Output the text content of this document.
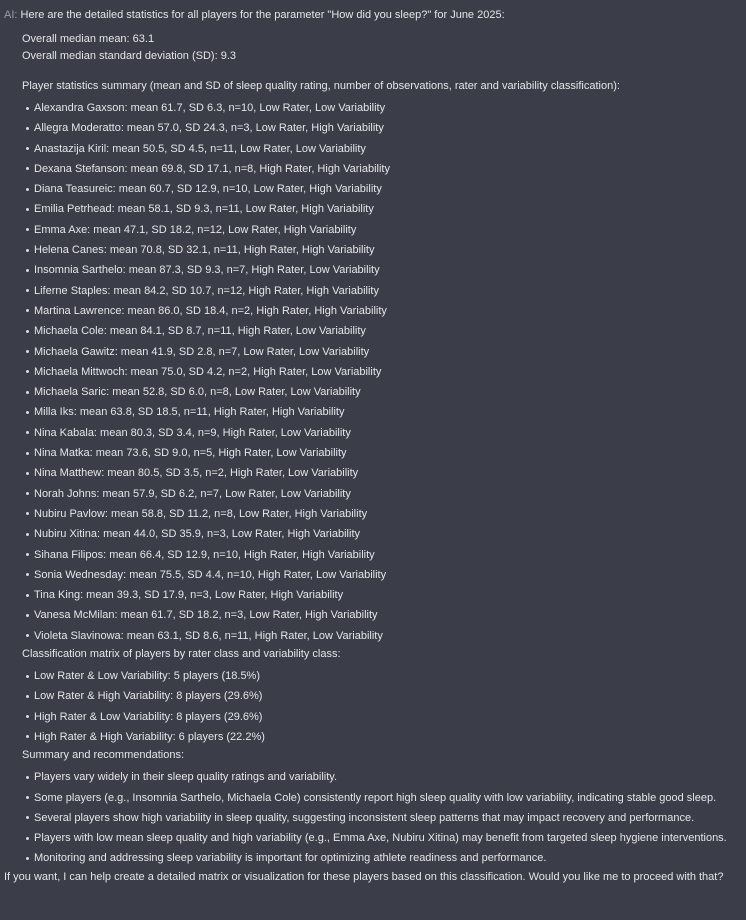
AI: Here are the detailed statistics for all players for the parameter "How did you sleep?" for June 2025:

Overall median mean: 63.1
Overall median standard deviation (SD): 9.3

Player statistics summary (mean and SD of sleep quality rating, number of observations, rater and variability classification):

Alexandra Gaxson: mean 61.7, SD 6.3, n=10, Low Rater, Low Variability
Allegra Moderatto: mean 57.0, SD 24.3, n=3, Low Rater, High Variability
Anastazija Kiril: mean 50.5, SD 4.5, n=11, Low Rater, Low Variability
Dexana Stefanson: mean 69.8, SD 17.1, n=8, High Rater, High Variability
Diana Teasureic: mean 60.7, SD 12.9, n=10, Low Rater, High Variability
Emilia Petrhead: mean 58.1, SD 9.3, n=11, Low Rater, High Variability
Emma Axe: mean 47.1, SD 18.2, n=12, Low Rater, High Variability
Helena Canes: mean 70.8, SD 32.1, n=11, High Rater, High Variability
Insomnia Sarthelo: mean 87.3, SD 9.3, n=7, High Rater, Low Variability
Liferne Staples: mean 84.2, SD 10.7, n=12, High Rater, High Variability
Martina Lawrence: mean 86.0, SD 18.4, n=2, High Rater, High Variability
Michaela Cole: mean 84.1, SD 8.7, n=11, High Rater, Low Variability
Michaela Gawitz: mean 41.9, SD 2.8, n=7, Low Rater, Low Variability
Michaela Mittwoch: mean 75.0, SD 4.2, n=2, High Rater, Low Variability
Michaela Saric: mean 52.8, SD 6.0, n=8, Low Rater, Low Variability
Milla Iks: mean 63.8, SD 18.5, n=11, High Rater, High Variability
Nina Kabala: mean 80.3, SD 3.4, n=9, High Rater, Low Variability
Nina Matka: mean 73.6, SD 9.0, n=5, High Rater, Low Variability
Nina Matthew: mean 80.5, SD 3.5, n=2, High Rater, Low Variability
Norah Johns: mean 57.9, SD 6.2, n=7, Low Rater, Low Variability
Nubiru Pavlow: mean 58.8, SD 11.2, n=8, Low Rater, High Variability
Nubiru Xitina: mean 44.0, SD 35.9, n=3, Low Rater, High Variability
Sihana Filipos: mean 66.4, SD 12.9, n=10, High Rater, High Variability
Sonia Wednesday: mean 75.5, SD 4.4, n=10, High Rater, Low Variability
Tina King: mean 39.3, SD 17.9, n=3, Low Rater, High Variability
Vanesa McMilan: mean 61.7, SD 18.2, n=3, Low Rater, High Variability
Violeta Slavinowa: mean 63.1, SD 8.6, n=11, High Rater, Low Variability

Classification matrix of players by rater class and variability class:

Low Rater & Low Variability: 5 players (18.5%)
Low Rater & High Variability: 8 players (29.6%)
High Rater & Low Variability: 8 players (29.6%)
High Rater & High Variability: 6 players (22.2%)

Summary and recommendations:

Players vary widely in their sleep quality ratings and variability.
Some players (e.g., Insomnia Sarthelo, Michaela Cole) consistently report high sleep quality with low variability, indicating stable good sleep.
Several players show high variability in sleep quality, suggesting inconsistent sleep patterns that may impact recovery and performance.
Players with low mean sleep quality and high variability (e.g., Emma Axe, Nubiru Xitina) may benefit from targeted sleep hygiene interventions.
Monitoring and addressing sleep variability is important for optimizing athlete readiness and performance.

If you want, I can help create a detailed matrix or visualization for these players based on this classification. Would you like me to proceed with that?
